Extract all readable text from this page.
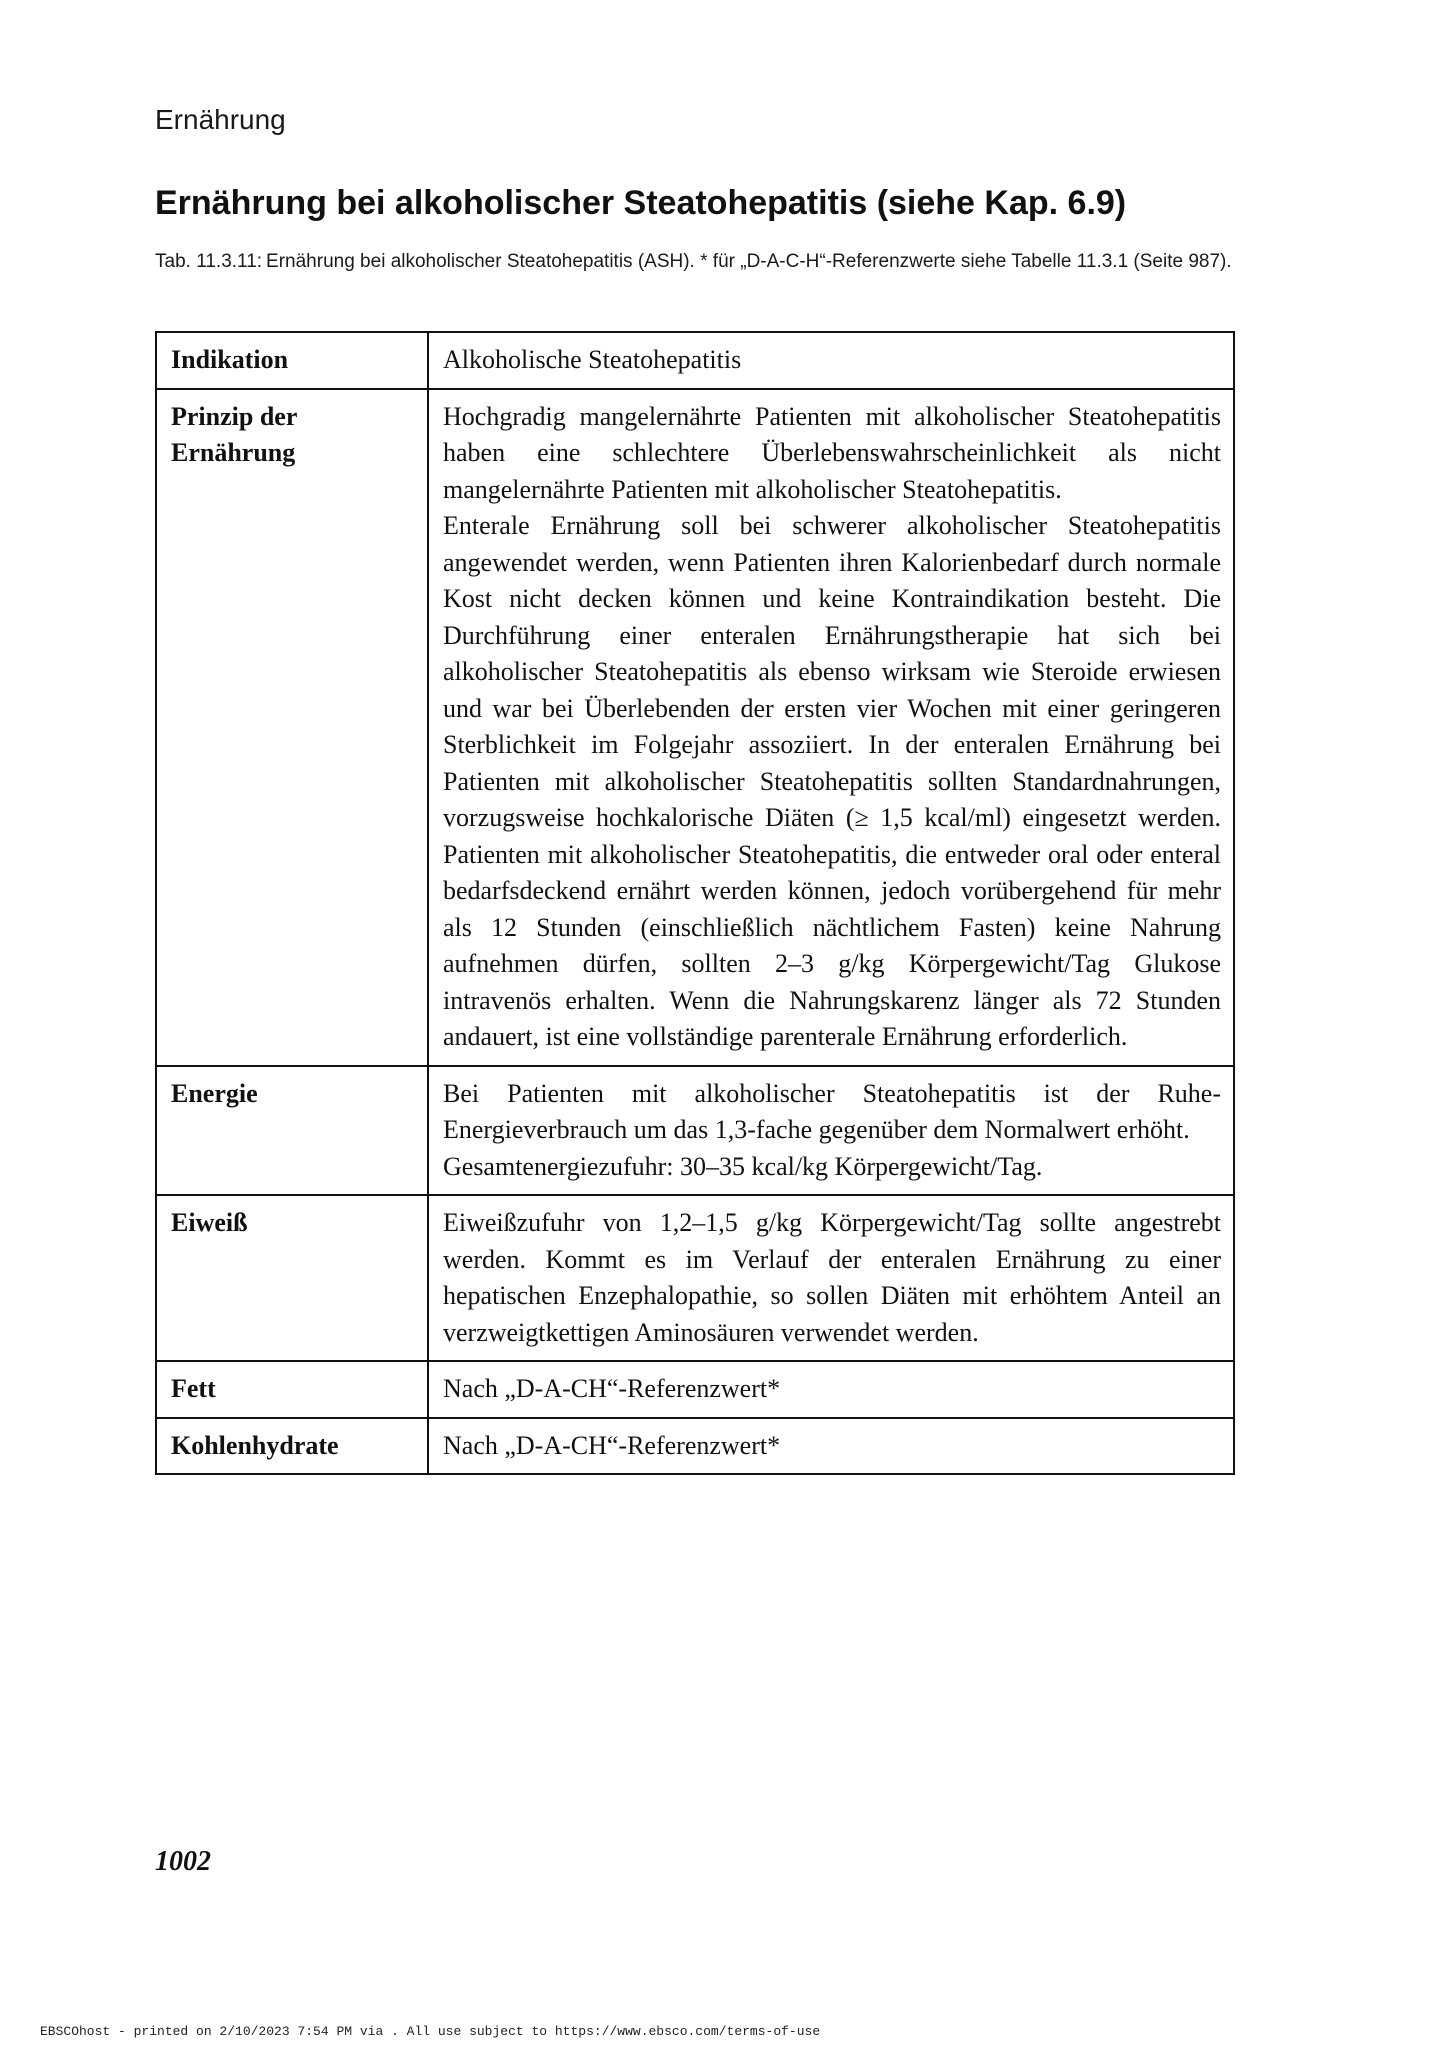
Ernährung
Ernährung bei alkoholischer Steatohepatitis (siehe Kap. 6.9)
Tab. 11.3.11: Ernährung bei alkoholischer Steatohepatitis (ASH). * für „D-A-C-H“-Referenzwerte siehe Tabelle 11.3.1 (Seite 987).
Indikation	Alkoholische Steatohepatitis

Prinzip der Ernährung	Hochgradig mangelernährte Patienten mit alkoholischer Steatohepatitis haben eine schlechtere Überlebenswahrscheinlichkeit als nicht mangelernährte Patienten mit alkoholischer Steatohepatitis.
Enterale Ernährung soll bei schwerer alkoholischer Steatohepatitis angewendet werden, wenn Patienten ihren Kalorienbedarf durch normale Kost nicht decken können und keine Kontraindikation besteht. Die Durchführung einer enteralen Ernährungstherapie hat sich bei alkoholischer Steatohepatitis als ebenso wirksam wie Steroide erwiesen und war bei Überlebenden der ersten vier Wochen mit einer geringeren Sterblichkeit im Folgejahr assoziiert. In der enteralen Ernährung bei Patienten mit alkoholischer Steatohepatitis sollten Standardnahrungen, vorzugsweise hochkalorische Diäten (≥ 1,5 kcal/ml) eingesetzt werden. Patienten mit alkoholischer Steatohepatitis, die entweder oral oder enteral bedarfsdeckend ernährt werden können, jedoch vorübergehend für mehr als 12 Stunden (einschließlich nächtlichem Fasten) keine Nahrung aufnehmen dürfen, sollten 2–3 g/kg Körpergewicht/Tag Glukose intravenös erhalten. Wenn die Nahrungskarenz länger als 72 Stunden andauert, ist eine vollständige parenterale Ernährung erforderlich.

Energie	Bei Patienten mit alkoholischer Steatohepatitis ist der Ruhe-Energieverbrauch um das 1,3-fache gegenüber dem Normalwert erhöht.
Gesamtenergiezufuhr: 30–35 kcal/kg Körpergewicht/Tag.

Eiweiß	Eiweißzufuhr von 1,2–1,5 g/kg Körpergewicht/Tag sollte angestrebt werden. Kommt es im Verlauf der enteralen Ernährung zu einer hepatischen Enzephalopathie, so sollen Diäten mit erhöhtem Anteil an verzweigtkettigen Aminosäuren verwendet werden.

Fett	Nach „D-A-CH“-Referenzwert*

Kohlenhydrate	Nach „D-A-CH“-Referenzwert*
1002
EBSCOhost - printed on 2/10/2023 7:54 PM via . All use subject to https://www.ebsco.com/terms-of-use
